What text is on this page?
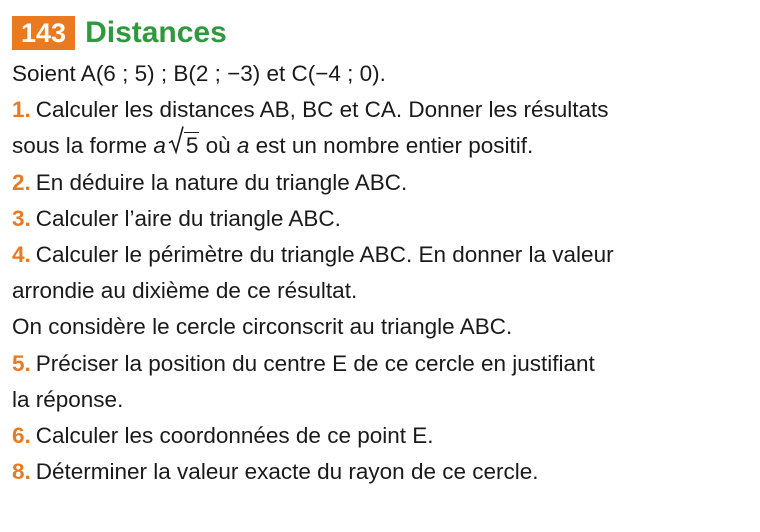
143 Distances
Soient A(6 ; 5) ; B(2 ; −3) et C(−4 ; 0).
1. Calculer les distances AB, BC et CA. Donner les résultats
sous la forme a 5 où a est un nombre entier positif.
2. En déduire la nature du triangle ABC.
3. Calculer l’aire du triangle ABC.
4. Calculer le périmètre du triangle ABC. En donner la valeur
arrondie au dixième de ce résultat.
On considère le cercle circonscrit au triangle ABC.
5. Préciser la position du centre E de ce cercle en justifiant
la réponse.
6. Calculer les coordonnées de ce point E.
8. Déterminer la valeur exacte du rayon de ce cercle.
